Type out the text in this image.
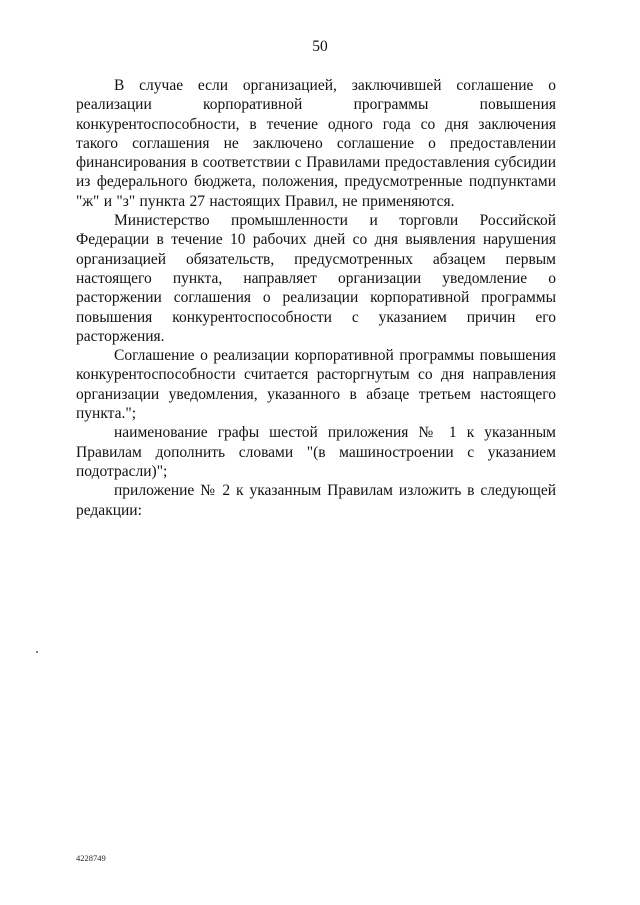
50

В случае если организацией, заключившей соглашение о реализации корпоративной программы повышения конкурентоспособности, в течение одного года со дня заключения такого соглашения не заключено соглашение о предоставлении финансирования в соответствии с Правилами предоставления субсидии из федерального бюджета, положения, предусмотренные подпунктами "ж" и "з" пункта 27 настоящих Правил, не применяются.

Министерство промышленности и торговли Российской Федерации в течение 10 рабочих дней со дня выявления нарушения организацией обязательств, предусмотренных абзацем первым настоящего пункта, направляет организации уведомление о расторжении соглашения о реализации корпоративной программы повышения конкурентоспособности с указанием причин его расторжения.

Соглашение о реализации корпоративной программы повышения конкурентоспособности считается расторгнутым со дня направления организации уведомления, указанного в абзаце третьем настоящего пункта.";

наименование графы шестой приложения № 1 к указанным Правилам дополнить словами "(в машиностроении с указанием подотрасли)";

приложение № 2 к указанным Правилам изложить в следующей редакции:

4228749
